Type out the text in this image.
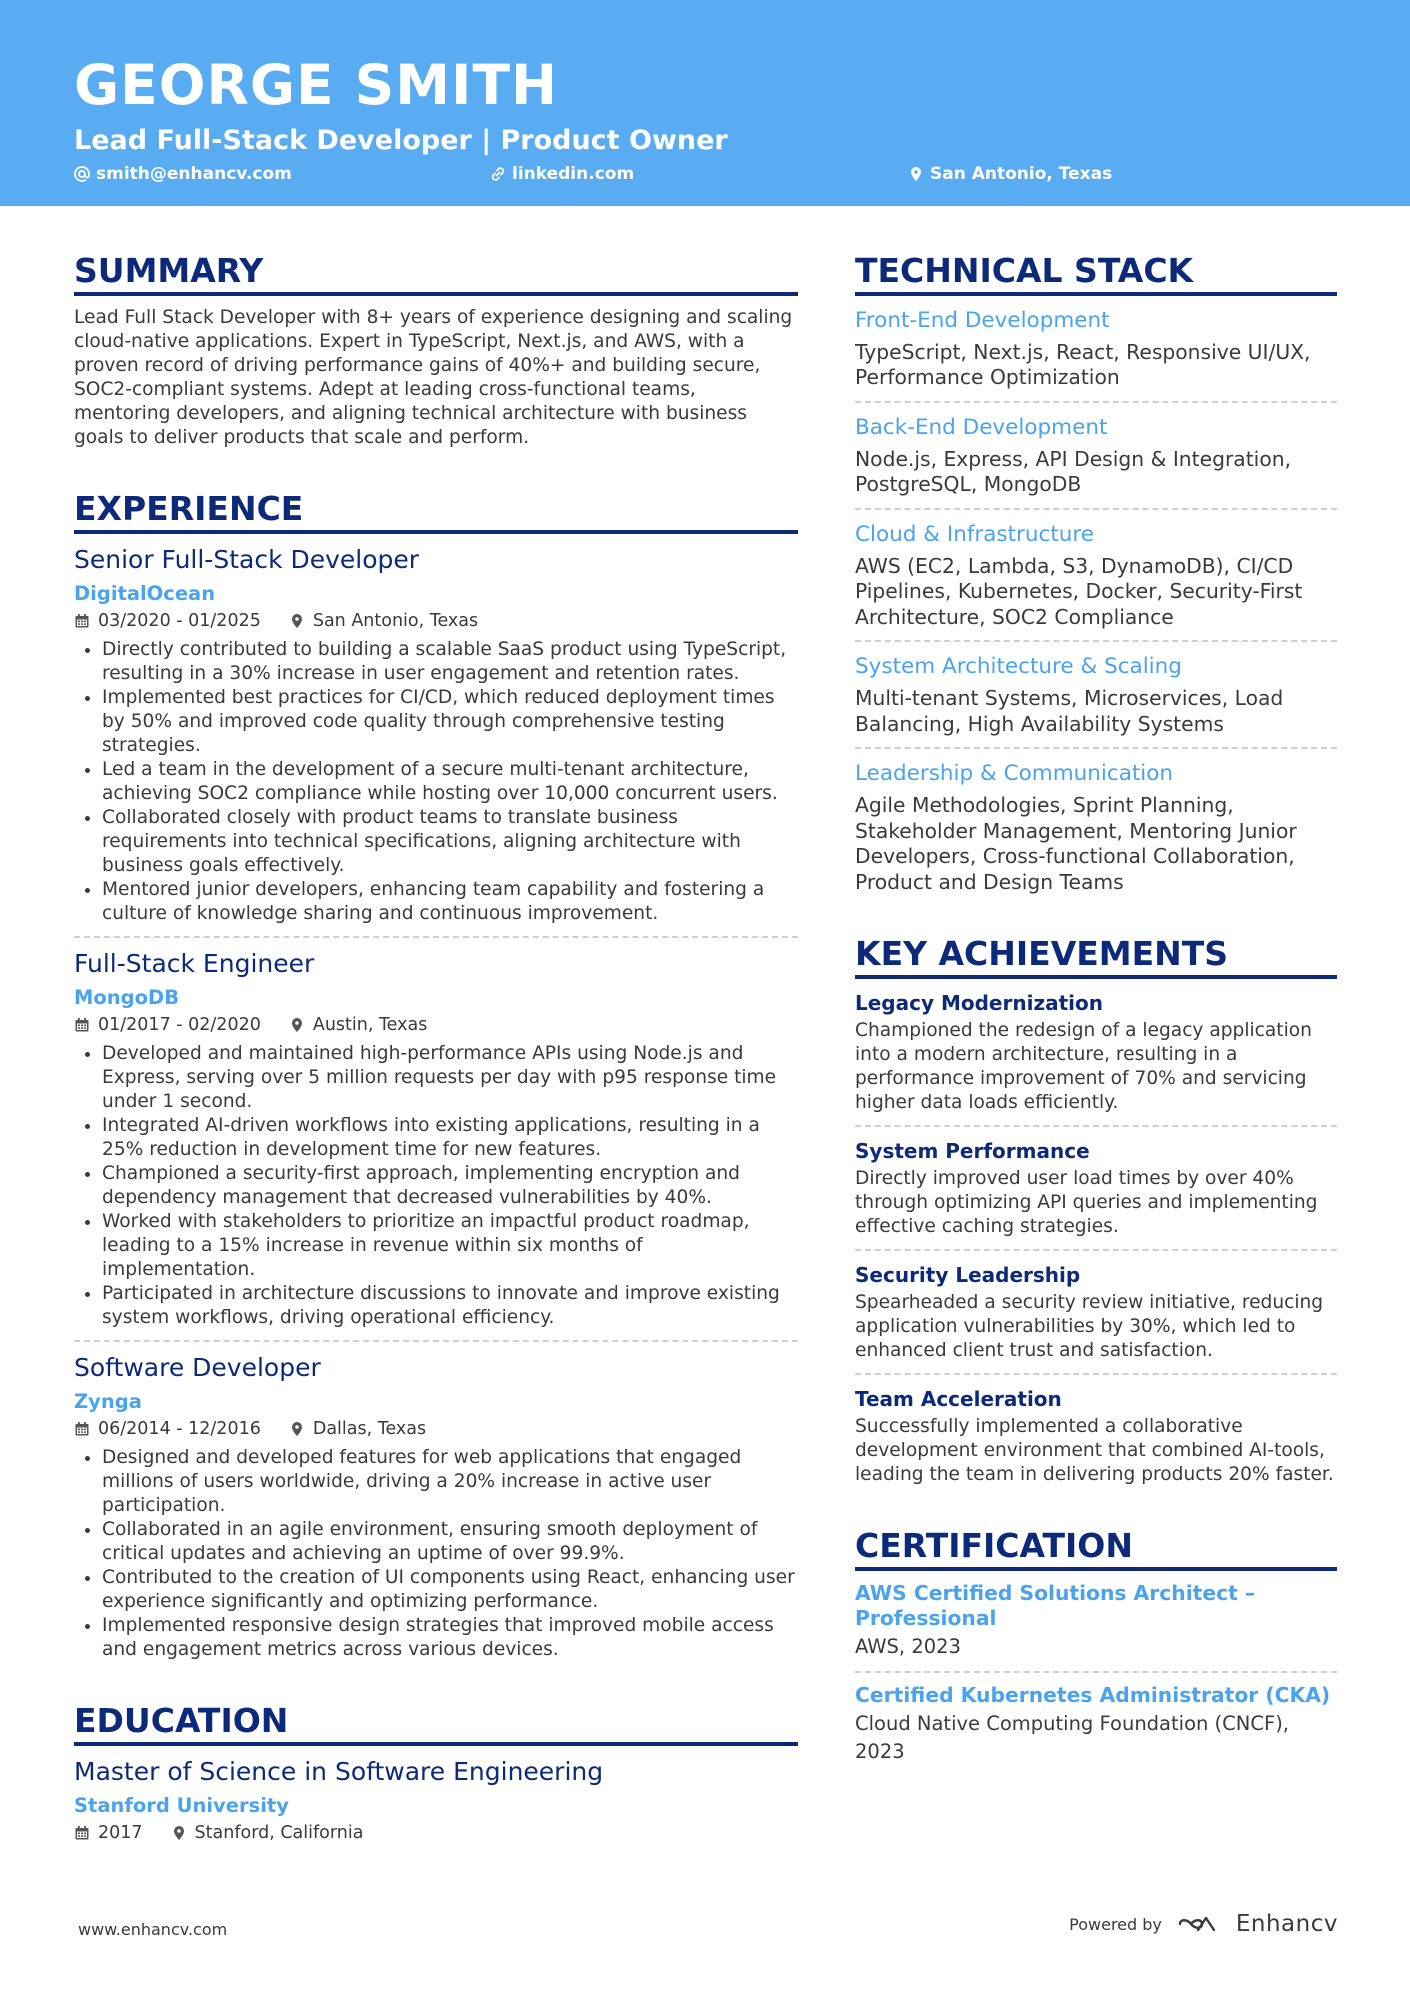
GEORGE SMITH
Lead Full-Stack Developer | Product Owner
smith@enhancv.com	linkedin.com	San Antonio, Texas
SUMMARY
Lead Full Stack Developer with 8+ years of experience designing and scaling cloud-native applications. Expert in TypeScript, Next.js, and AWS, with a proven record of driving performance gains of 40%+ and building secure, SOC2-compliant systems. Adept at leading cross-functional teams, mentoring developers, and aligning technical architecture with business goals to deliver products that scale and perform.
EXPERIENCE
Senior Full-Stack Developer
DigitalOcean
03/2020 - 01/2025	San Antonio, Texas
• Directly contributed to building a scalable SaaS product using TypeScript, resulting in a 30% increase in user engagement and retention rates.
• Implemented best practices for CI/CD, which reduced deployment times by 50% and improved code quality through comprehensive testing strategies.
• Led a team in the development of a secure multi-tenant architecture, achieving SOC2 compliance while hosting over 10,000 concurrent users.
• Collaborated closely with product teams to translate business requirements into technical specifications, aligning architecture with business goals effectively.
• Mentored junior developers, enhancing team capability and fostering a culture of knowledge sharing and continuous improvement.
Full-Stack Engineer
MongoDB
01/2017 - 02/2020	Austin, Texas
• Developed and maintained high-performance APIs using Node.js and Express, serving over 5 million requests per day with p95 response time under 1 second.
• Integrated AI-driven workflows into existing applications, resulting in a 25% reduction in development time for new features.
• Championed a security-first approach, implementing encryption and dependency management that decreased vulnerabilities by 40%.
• Worked with stakeholders to prioritize an impactful product roadmap, leading to a 15% increase in revenue within six months of implementation.
• Participated in architecture discussions to innovate and improve existing system workflows, driving operational efficiency.
Software Developer
Zynga
06/2014 - 12/2016	Dallas, Texas
• Designed and developed features for web applications that engaged millions of users worldwide, driving a 20% increase in active user participation.
• Collaborated in an agile environment, ensuring smooth deployment of critical updates and achieving an uptime of over 99.9%.
• Contributed to the creation of UI components using React, enhancing user experience significantly and optimizing performance.
• Implemented responsive design strategies that improved mobile access and engagement metrics across various devices.
EDUCATION
Master of Science in Software Engineering
Stanford University
2017	Stanford, California
TECHNICAL STACK
Front-End Development
TypeScript, Next.js, React, Responsive UI/UX, Performance Optimization
Back-End Development
Node.js, Express, API Design & Integration, PostgreSQL, MongoDB
Cloud & Infrastructure
AWS (EC2, Lambda, S3, DynamoDB), CI/CD Pipelines, Kubernetes, Docker, Security-First Architecture, SOC2 Compliance
System Architecture & Scaling
Multi-tenant Systems, Microservices, Load Balancing, High Availability Systems
Leadership & Communication
Agile Methodologies, Sprint Planning, Stakeholder Management, Mentoring Junior Developers, Cross-functional Collaboration, Product and Design Teams
KEY ACHIEVEMENTS
Legacy Modernization
Championed the redesign of a legacy application into a modern architecture, resulting in a performance improvement of 70% and servicing higher data loads efficiently.
System Performance
Directly improved user load times by over 40% through optimizing API queries and implementing effective caching strategies.
Security Leadership
Spearheaded a security review initiative, reducing application vulnerabilities by 30%, which led to enhanced client trust and satisfaction.
Team Acceleration
Successfully implemented a collaborative development environment that combined AI-tools, leading the team in delivering products 20% faster.
CERTIFICATION
AWS Certified Solutions Architect – Professional
AWS, 2023
Certified Kubernetes Administrator (CKA)
Cloud Native Computing Foundation (CNCF), 2023
www.enhancv.com	Powered by	Enhancv
